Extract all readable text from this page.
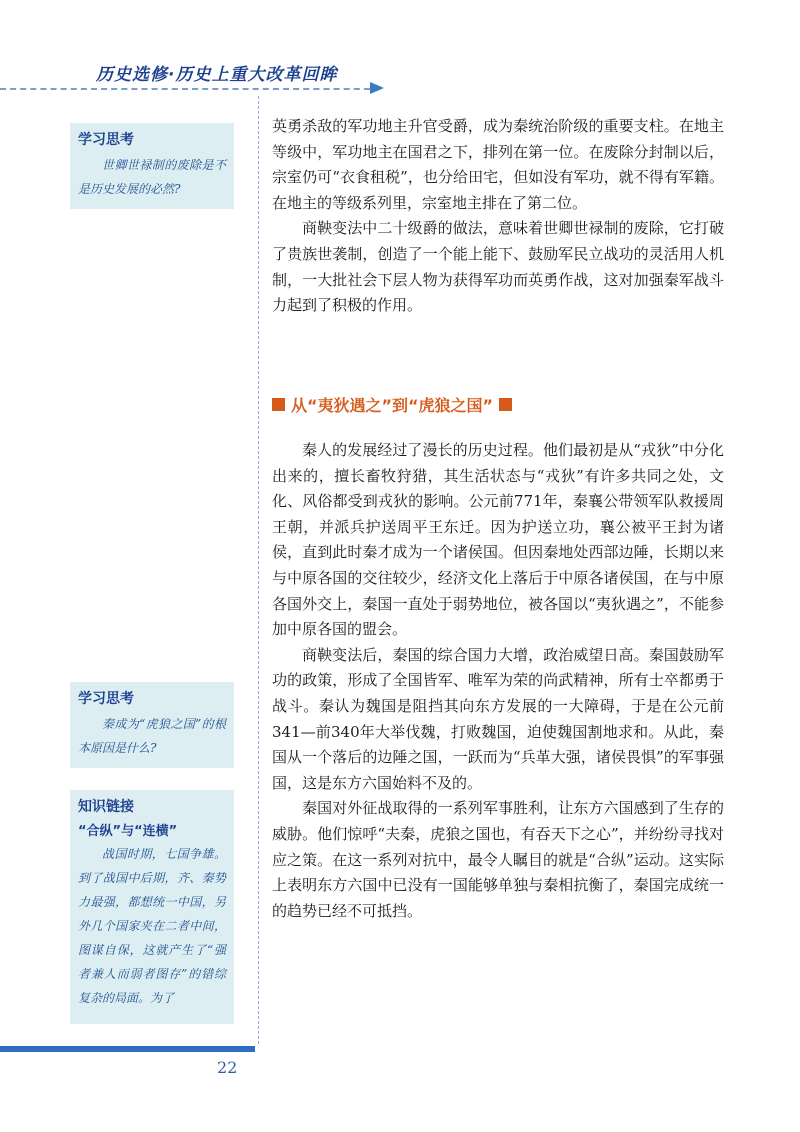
历史选修·历史上重大改革回眸
学习思考
世卿世禄制的废除是不是历史发展的必然?
学习思考
秦成为“虎狼之国”的根本原因是什么?
知识链接
“合纵”与“连横”
战国时期，七国争雄。到了战国中后期，齐、秦势力最强，都想统一中国，另外几个国家夹在二者中间，图谋自保，这就产生了“强者兼人而弱者图存”的错综复杂的局面。为了

英勇杀敌的军功地主升官受爵，成为秦统治阶级的重要支柱。在地主等级中，军功地主在国君之下，排列在第一位。在废除分封制以后，宗室仍可“衣食租税”，也分给田宅，但如没有军功，就不得有军籍。在地主的等级系列里，宗室地主排在了第二位。

商鞅变法中二十级爵的做法，意味着世卿世禄制的废除，它打破了贵族世袭制，创造了一个能上能下、鼓励军民立战功的灵活用人机制，一大批社会下层人物为获得军功而英勇作战，这对加强秦军战斗力起到了积极的作用。

从“夷狄遇之”到“虎狼之国”

秦人的发展经过了漫长的历史过程。他们最初是从“戎狄”中分化出来的，擅长畜牧狩猎，其生活状态与“戎狄”有许多共同之处，文化、风俗都受到戎狄的影响。公元前771年，秦襄公带领军队救援周王朝，并派兵护送周平王东迁。因为护送立功，襄公被平王封为诸侯，直到此时秦才成为一个诸侯国。但因秦地处西部边陲，长期以来与中原各国的交往较少，经济文化上落后于中原各诸侯国，在与中原各国外交上，秦国一直处于弱势地位，被各国以“夷狄遇之”，不能参加中原各国的盟会。

商鞅变法后，秦国的综合国力大增，政治威望日高。秦国鼓励军功的政策，形成了全国皆军、唯军为荣的尚武精神，所有士卒都勇于战斗。秦认为魏国是阻挡其向东方发展的一大障碍，于是在公元前341—前340年大举伐魏，打败魏国，迫使魏国割地求和。从此，秦国从一个落后的边陲之国，一跃而为“兵革大强，诸侯畏惧”的军事强国，这是东方六国始料不及的。

秦国对外征战取得的一系列军事胜利，让东方六国感到了生存的威胁。他们惊呼“夫秦，虎狼之国也，有吞天下之心”，并纷纷寻找对应之策。在这一系列对抗中，最令人瞩目的就是“合纵”运动。这实际上表明东方六国中已没有一国能够单独与秦相抗衡了，秦国完成统一的趋势已经不可抵挡。

22
